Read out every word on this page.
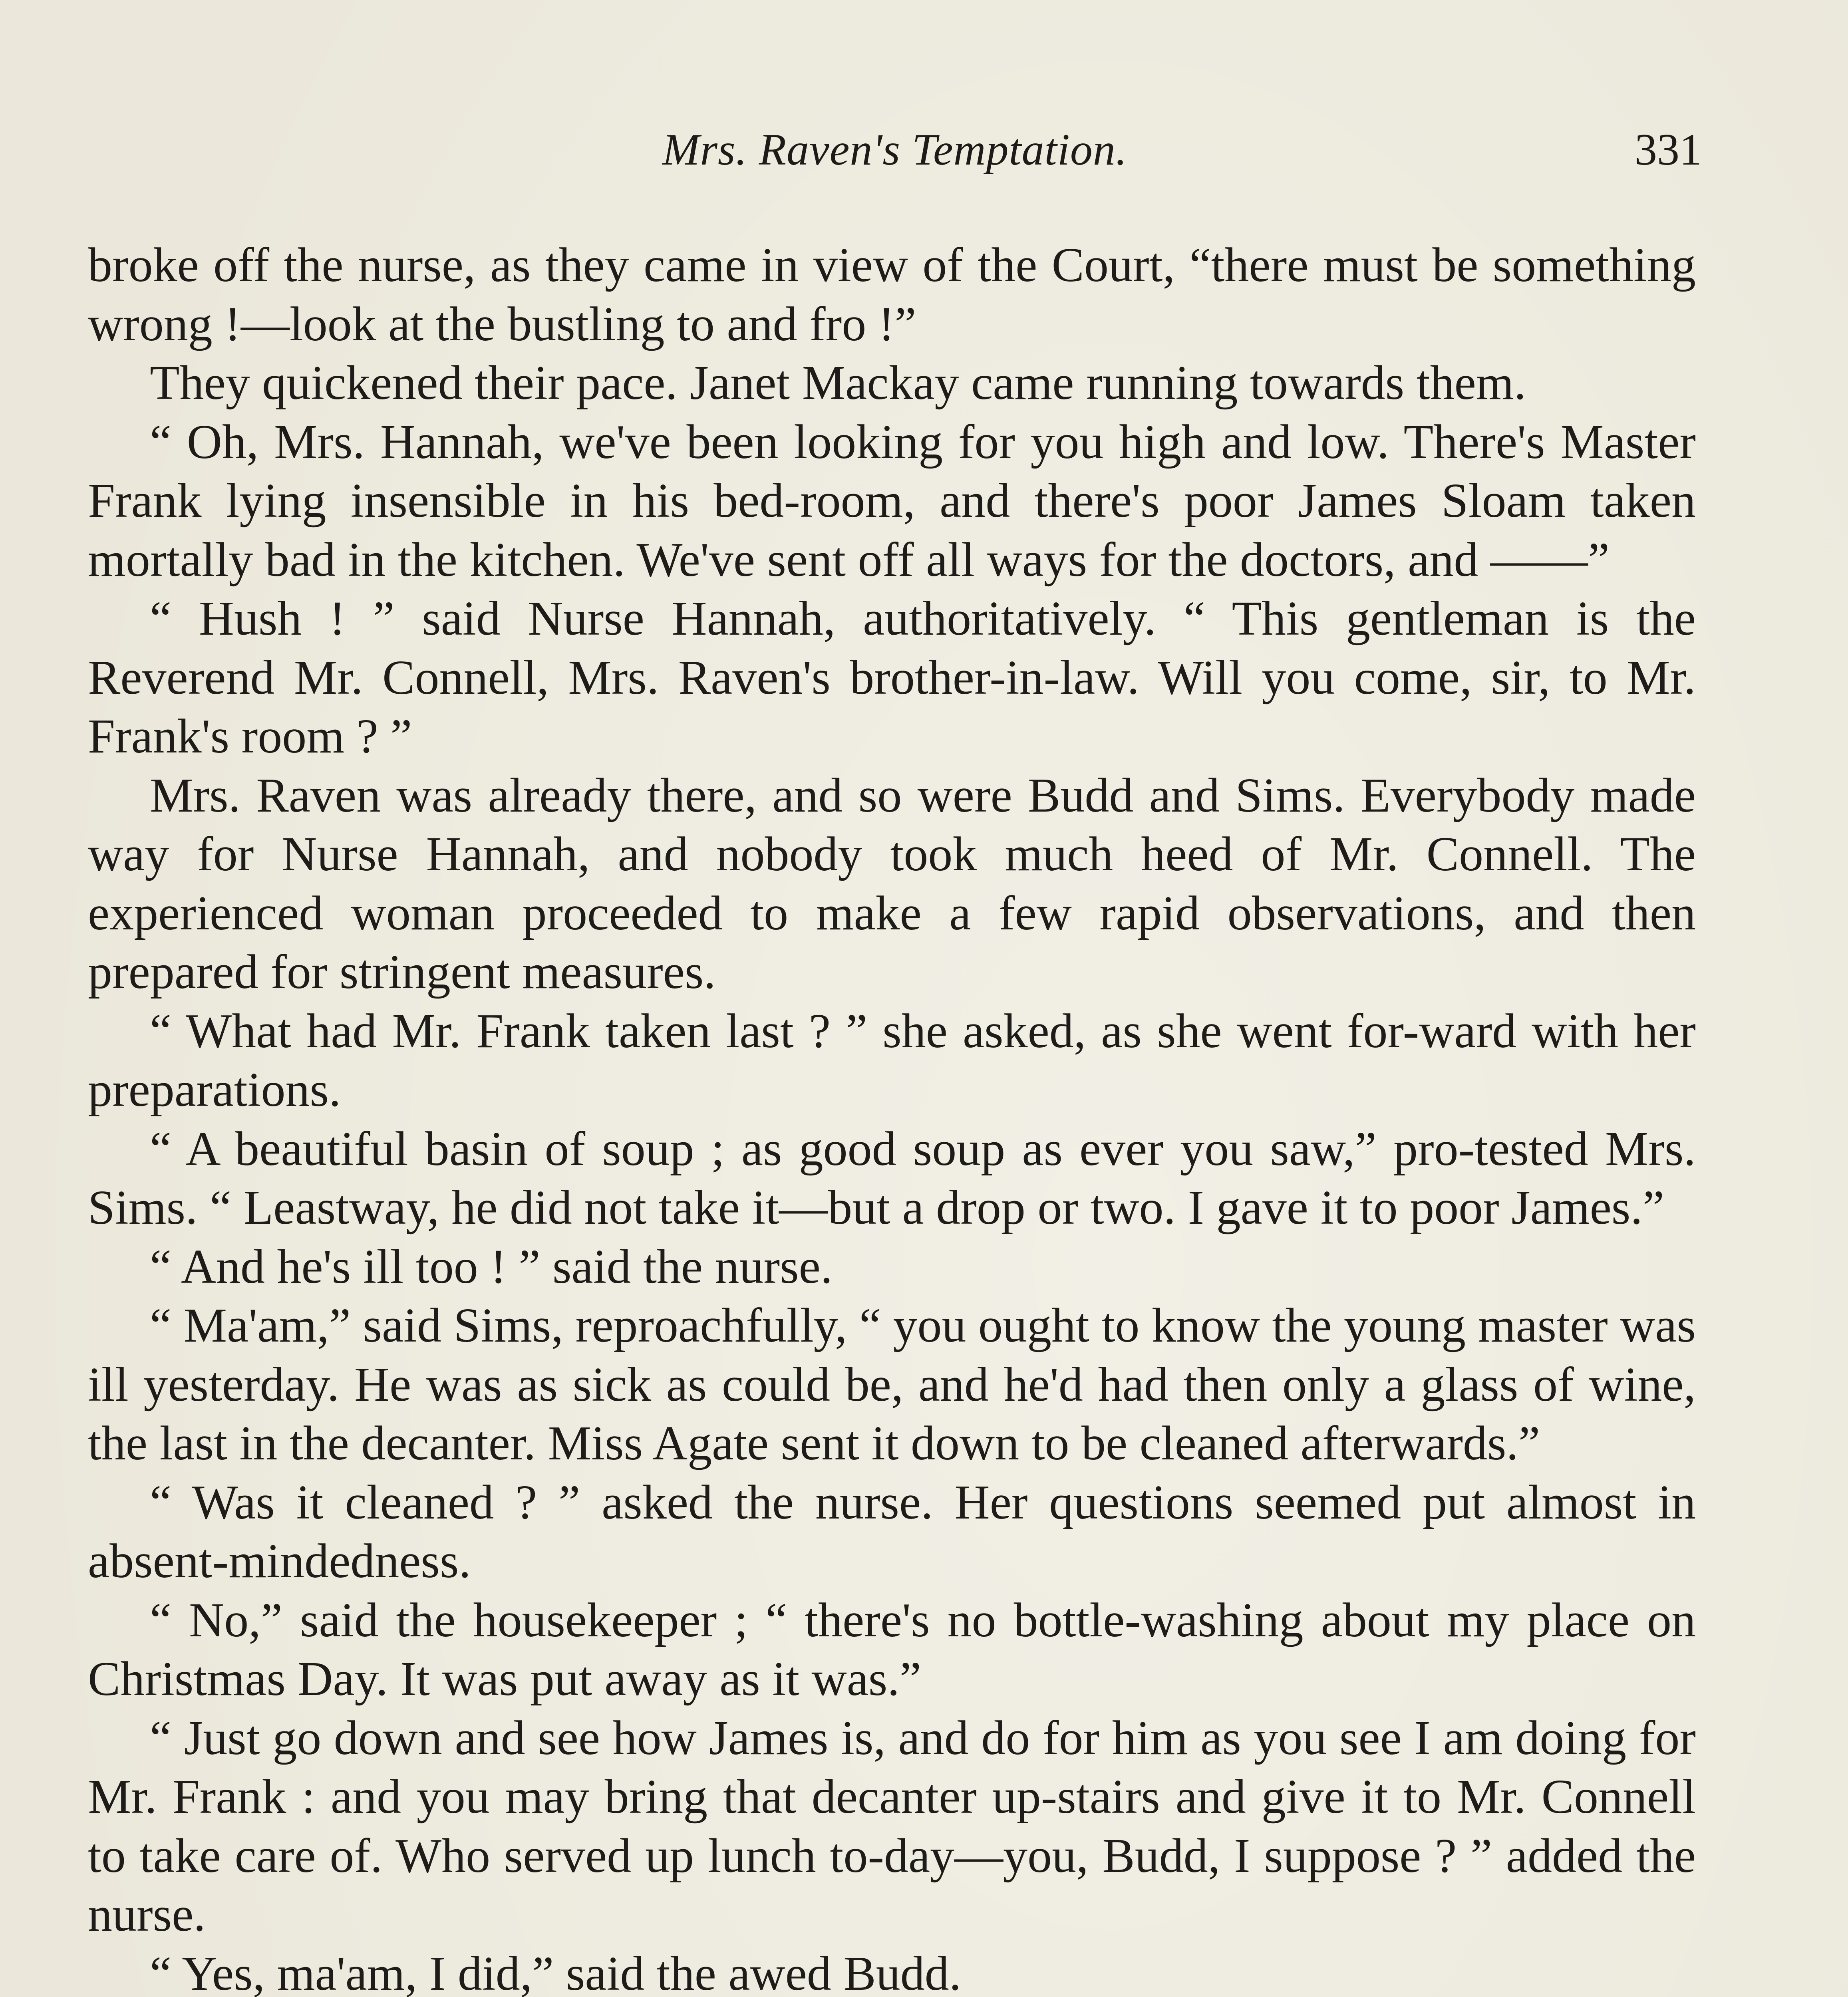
Mrs. Raven's Temptation.	331

broke off the nurse, as they came in view of the Court, “there must be something wrong !—look at the bustling to and fro !”

They quickened their pace. Janet Mackay came running towards them.

“ Oh, Mrs. Hannah, we've been looking for you high and low. There's Master Frank lying insensible in his bed-room, and there's poor James Sloam taken mortally bad in the kitchen. We've sent off all ways for the doctors, and ——”

“ Hush ! ” said Nurse Hannah, authoritatively. “ This gentleman is the Reverend Mr. Connell, Mrs. Raven's brother-in-law. Will you come, sir, to Mr. Frank's room ? ”

Mrs. Raven was already there, and so were Budd and Sims. Everybody made way for Nurse Hannah, and nobody took much heed of Mr. Connell. The experienced woman proceeded to make a few rapid observations, and then prepared for stringent measures.

“ What had Mr. Frank taken last ? ” she asked, as she went for-ward with her preparations.

“ A beautiful basin of soup ; as good soup as ever you saw,” pro-tested Mrs. Sims. “ Leastway, he did not take it—but a drop or two. I gave it to poor James.”

“ And he's ill too ! ” said the nurse.

“ Ma'am,” said Sims, reproachfully, “ you ought to know the young master was ill yesterday. He was as sick as could be, and he'd had then only a glass of wine, the last in the decanter. Miss Agate sent it down to be cleaned afterwards.”

“ Was it cleaned ? ” asked the nurse. Her questions seemed put almost in absent-mindedness.

“ No,” said the housekeeper ; “ there's no bottle-washing about my place on Christmas Day. It was put away as it was.”

“ Just go down and see how James is, and do for him as you see I am doing for Mr. Frank : and you may bring that decanter up-stairs and give it to Mr. Connell to take care of. Who served up lunch to-day—you, Budd, I suppose ? ” added the nurse.

“ Yes, ma'am, I did,” said the awed Budd.
